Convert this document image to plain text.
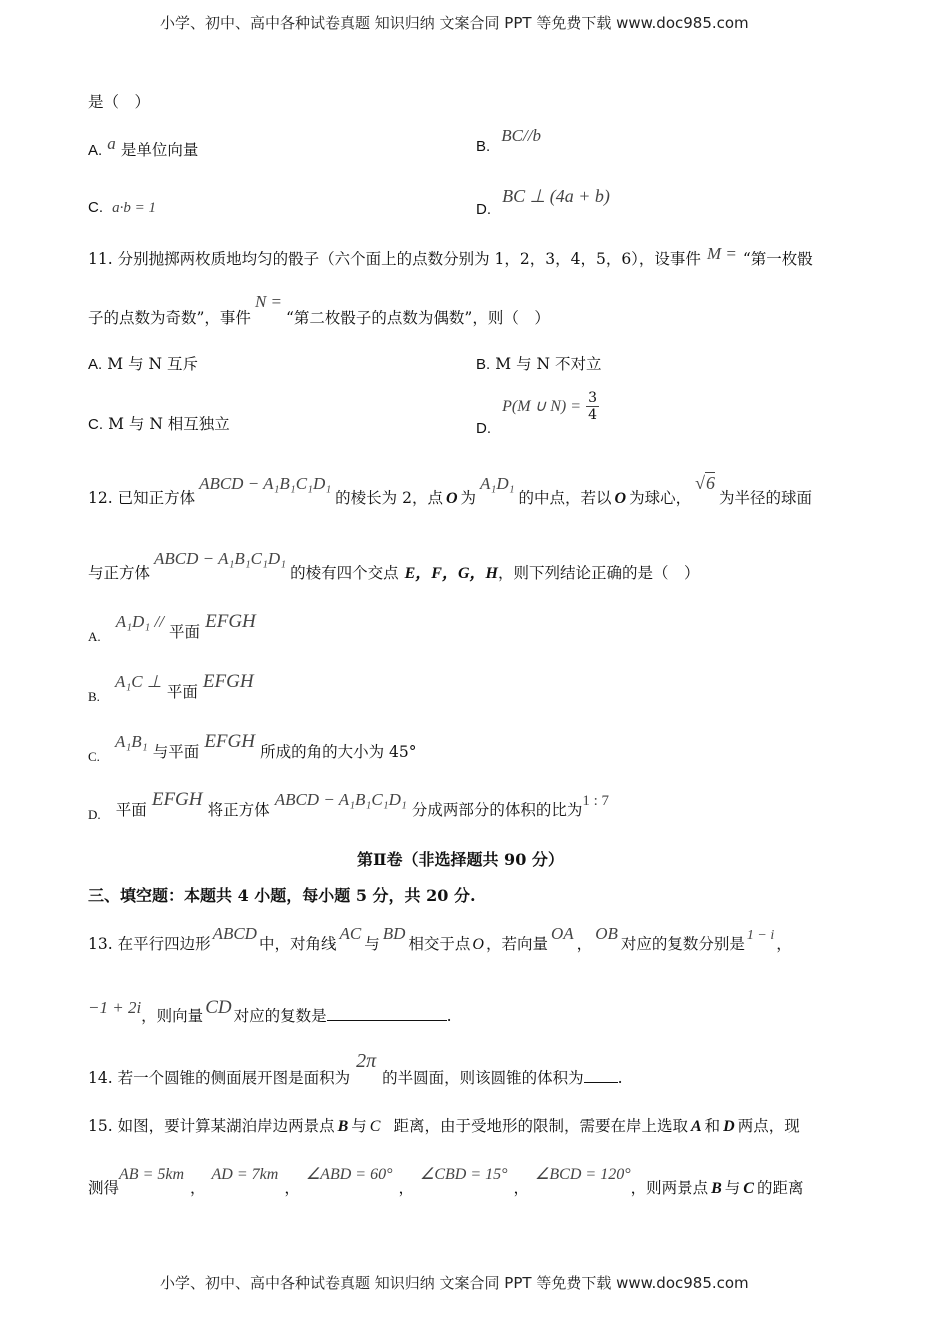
小学、初中、高中各种试卷真题 知识归纳 文案合同 PPT 等免费下载 www.doc985.com
是（　）
A. a 是单位向量	B. BC//b
C. a·b = 1	D. BC ⊥ (4a + b)
11. 分别抛掷两枚质地均匀的骰子（六个面上的点数分别为 1，2，3，4，5，6），设事件 M = “第一枚骰
子的点数为奇数”，事件N =“第二枚骰子的点数为偶数”，则（　）
A. M 与 N 互斥	B. M 与 N 不对立
C. M 与 N 相互独立	D. P(M ∪ $N) = \frac{3}{4}$
12. 已知正方体ABCD − A₁B₁C₁D₁的棱长为 2，点 O 为A₁D₁的中点，若以 O 为球心，√6为半径的球面
与正方体ABCD − A₁B₁C₁D₁的棱有四个交点 E，F，G，H，则下列结论正确的是（　）
$_{A.}$ A₁D₁ // 平面 EFGH
$_{B.}$ A₁C ⊥ 平面 EFGH
$_{C.}$ A₁B₁ 与平面 EFGH 所成的角的大小为 45°
$_{D.}$ 平面 EFGH 将正方体 ABCD − A₁B₁C₁D₁ 分成两部分的体积的比为1 : 7
第Ⅱ卷（非选择题共 90 分）
三、填空题：本题共 4 小题，每小题 5 分，共 20 分.
13. 在平行四边形ABCD中，对角线AC与BD相交于点 O ，若向量OA，OB对应的复数分别是 1 − i ，
−1 + 2i，则向量 CD 对应的复数是	.
14. 若一个圆锥的侧面展开图是面积为2π的半圆面，则该圆锥的体积为 .
15. 如图，要计算某湖泊岸边两景点 B 与 C 距离，由于受地形的限制，需要在岸上选取 A 和 D 两点，现
测得AB = 5km，AD = 7km，∠ABD = 60°，∠CBD = 15°，∠BCD = 120°，则两景点 B 与 C 的距离
小学、初中、高中各种试卷真题 知识归纳 文案合同 PPT 等免费下载 www.doc985.com
